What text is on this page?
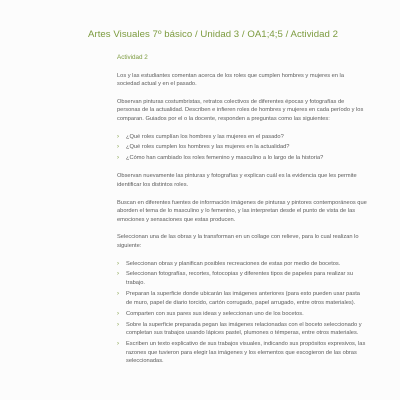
Artes Visuales 7º básico / Unidad 3 / OA1;4;5 / Actividad 2
Actividad 2

Los y las estudiantes comentan acerca de los roles que cumplen hombres y mujeres en la sociedad actual y en el pasado.

Observan pinturas costumbristas, retratos colectivos de diferentes épocas y fotografías de personas de la actualidad. Describen e infieren roles de hombres y mujeres en cada período y los comparan. Guiados por el o la docente, responden a preguntas como las siguientes:

› ¿Qué roles cumplían los hombres y las mujeres en el pasado?
› ¿Qué roles cumplen los hombres y las mujeres en la actualidad?
› ¿Cómo han cambiado los roles femenino y masculino a lo largo de la historia?

Observan nuevamente las pinturas y fotografías y explican cuál es la evidencia que les permite identificar los distintos roles.

Buscan en diferentes fuentes de información imágenes de pinturas y pintores contemporáneos que aborden el tema de lo masculino y lo femenino, y las interpretan desde el punto de vista de las emociones y sensaciones que estas producen.

Seleccionan una de las obras y la transforman en un collage con relieve, para lo cual realizan lo siguiente:

› Seleccionan obras y planifican posibles recreaciones de estas por medio de bocetos.
› Seleccionan fotografías, recortes, fotocopias y diferentes tipos de papeles para realizar su trabajo.
› Preparan la superficie donde ubicarán las imágenes anteriores (para esto pueden usar pasta de muro, papel de diario torcido, cartón corrugado, papel arrugado, entre otros materiales).
› Comparten con sus pares sus ideas y seleccionan uno de los bocetos.
› Sobre la superficie preparada pegan las imágenes relacionadas con el boceto seleccionado y completan sus trabajos usando lápices pastel, plumones o témperas, entre otros materiales.
› Escriben un texto explicativo de sus trabajos visuales, indicando sus propósitos expresivos, las razones que tuvieron para elegir las imágenes y los elementos que escogieron de las obras seleccionadas.
